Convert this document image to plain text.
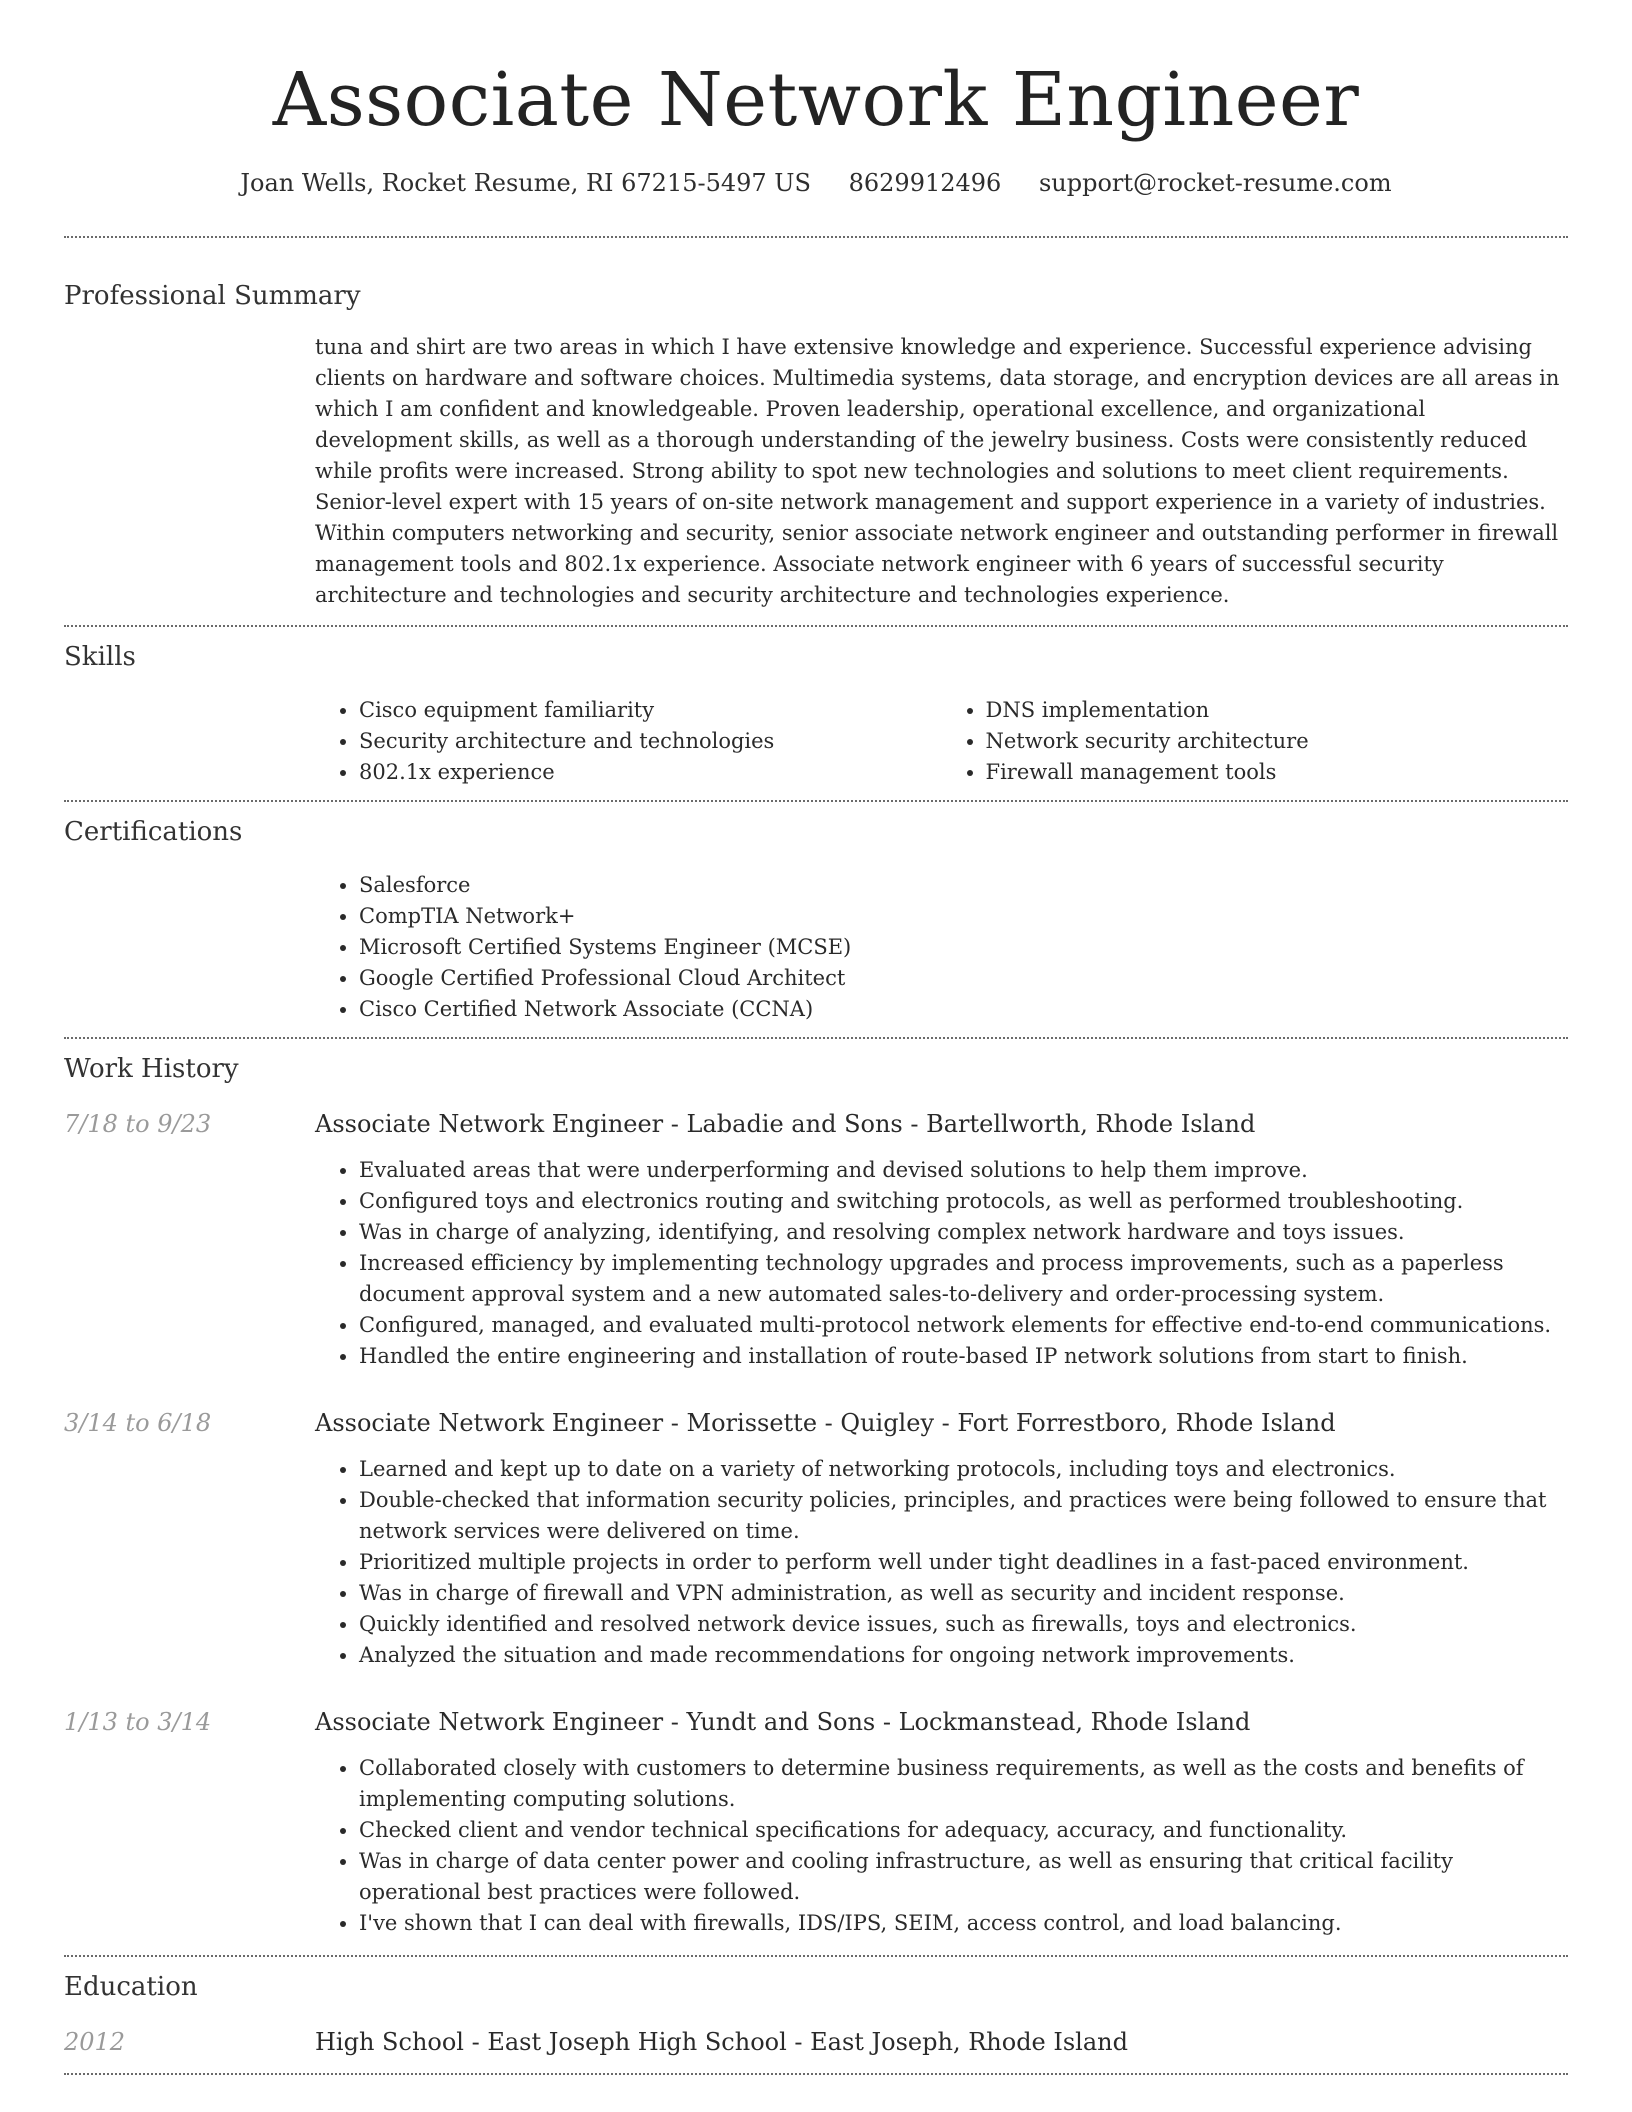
Associate Network Engineer
Joan Wells, Rocket Resume, RI 67215-5497 US 8629912496 support@rocket-resume.com
Professional Summary

tuna and shirt are two areas in which I have extensive knowledge and experience. Successful experience advising clients on hardware and software choices. Multimedia systems, data storage, and encryption devices are all areas in which I am confident and knowledgeable. Proven leadership, operational excellence, and organizational development skills, as well as a thorough understanding of the jewelry business. Costs were consistently reduced while profits were increased. Strong ability to spot new technologies and solutions to meet client requirements. Senior-level expert with 15 years of on-site network management and support experience in a variety of industries. Within computers networking and security, senior associate network engineer and outstanding performer in firewall management tools and 802.1x experience. Associate network engineer with 6 years of successful security architecture and technologies and security architecture and technologies experience.

Skills
• Cisco equipment familiarity
• Security architecture and technologies
• 802.1x experience
• DNS implementation
• Network security architecture
• Firewall management tools
Certifications
• Salesforce
• CompTIA Network+
• Microsoft Certified Systems Engineer (MCSE)
• Google Certified Professional Cloud Architect
• Cisco Certified Network Associate (CCNA)
Work History
7/18 to 9/23	Associate Network Engineer - Labadie and Sons - Bartellworth, Rhode Island
• Evaluated areas that were underperforming and devised solutions to help them improve.
• Configured toys and electronics routing and switching protocols, as well as performed troubleshooting.
• Was in charge of analyzing, identifying, and resolving complex network hardware and toys issues.
• Increased efficiency by implementing technology upgrades and process improvements, such as a paperless document approval system and a new automated sales-to-delivery and order-processing system.
• Configured, managed, and evaluated multi-protocol network elements for effective end-to-end communications.
• Handled the entire engineering and installation of route-based IP network solutions from start to finish.
3/14 to 6/18	Associate Network Engineer - Morissette - Quigley - Fort Forrestboro, Rhode Island
• Learned and kept up to date on a variety of networking protocols, including toys and electronics.
• Double-checked that information security policies, principles, and practices were being followed to ensure that network services were delivered on time.
• Prioritized multiple projects in order to perform well under tight deadlines in a fast-paced environment.
• Was in charge of firewall and VPN administration, as well as security and incident response.
• Quickly identified and resolved network device issues, such as firewalls, toys and electronics.
• Analyzed the situation and made recommendations for ongoing network improvements.
1/13 to 3/14	Associate Network Engineer - Yundt and Sons - Lockmanstead, Rhode Island
• Collaborated closely with customers to determine business requirements, as well as the costs and benefits of implementing computing solutions.
• Checked client and vendor technical specifications for adequacy, accuracy, and functionality.
• Was in charge of data center power and cooling infrastructure, as well as ensuring that critical facility operational best practices were followed.
• I've shown that I can deal with firewalls, IDS/IPS, SEIM, access control, and load balancing.
Education
2012	High School - East Joseph High School - East Joseph, Rhode Island
